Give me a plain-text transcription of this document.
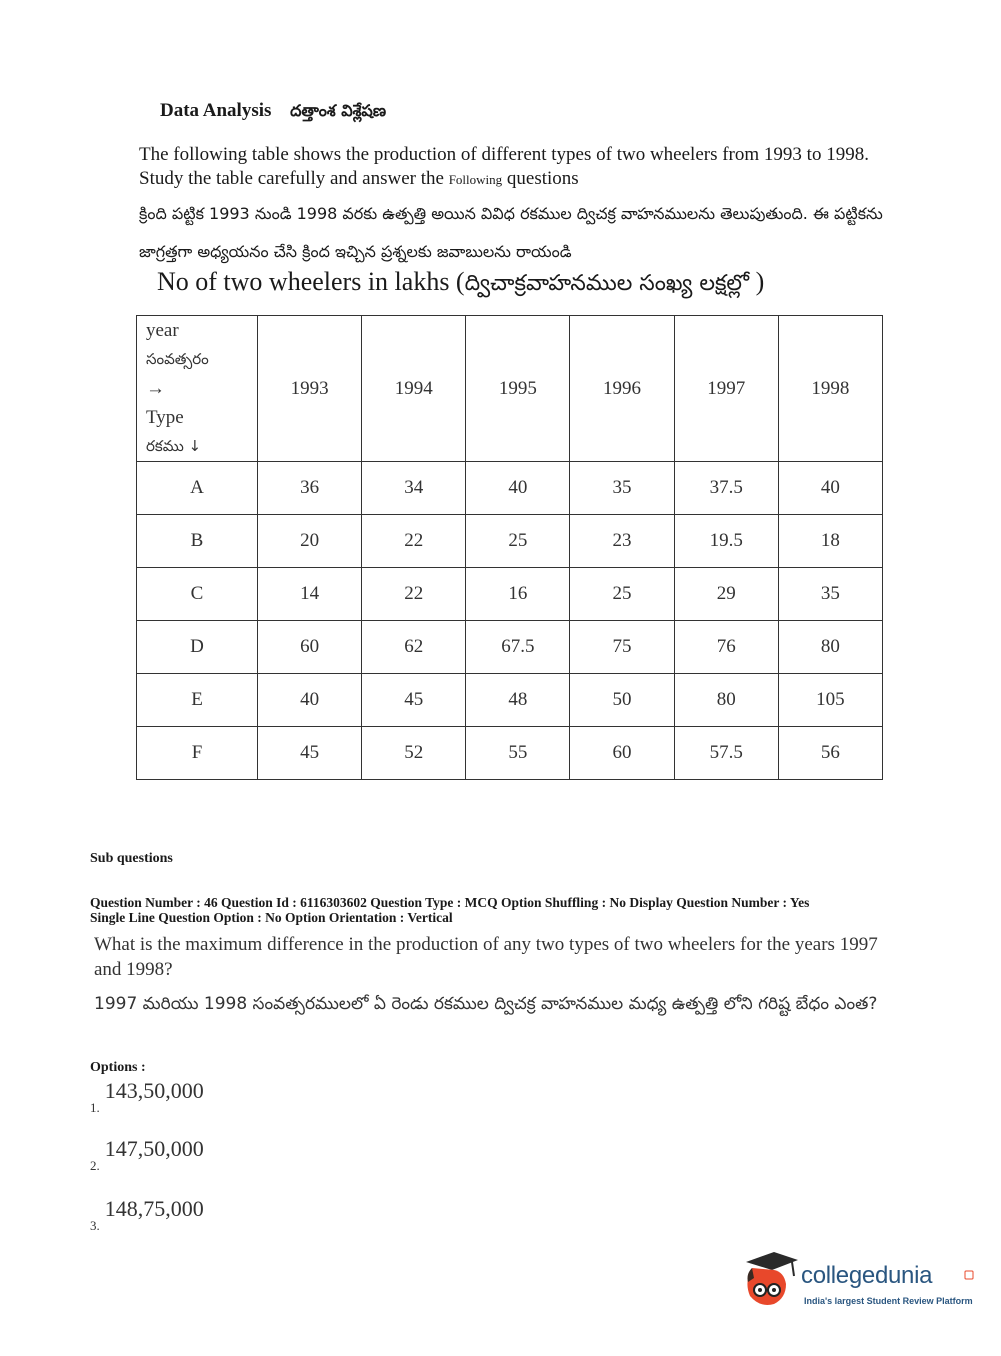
Data Analysis దత్తాంశ విశ్లేషణ
The following table shows the production of different types of two wheelers from 1993 to 1998. Study the table carefully and answer the Following questions
క్రింది పట్టిక 1993 నుండి 1998 వరకు ఉత్పత్తి అయిన వివిధ రకముల ద్విచక్ర వాహనములను తెలుపుతుంది. ఈ పట్టికను జాగ్రత్తగా అధ్యయనం చేసి క్రింద ఇచ్చిన ప్రశ్నలకు జవాబులను రాయండి
No of two wheelers in lakhs (ద్విచాక్రవాహనముల సంఖ్య లక్షల్లో )
year
సంవత్సరం
→
Type
రకము ↓	1993	1994	1995	1996	1997	1998
A	36	34	40	35	37.5	40
B	20	22	25	23	19.5	18
C	14	22	16	25	29	35
D	60	62	67.5	75	76	80
E	40	45	48	50	80	105
F	45	52	55	60	57.5	56
Sub questions
Question Number : 46 Question Id : 6116303602 Question Type : MCQ Option Shuffling : No Display Question Number : Yes
Single Line Question Option : No Option Orientation : Vertical
What is the maximum difference in the production of any two types of two wheelers for the years 1997 and 1998?
1997 మరియు 1998 సంవత్సరములలో ఏ రెండు రకముల ద్విచక్ర వాహనముల మధ్య ఉత్పత్తి లోని గరిష్ట బేధం ఎంత?
Options :
1.143,50,000
2.147,50,000
3.148,75,000
collegedunia
India's largest Student Review Platform
